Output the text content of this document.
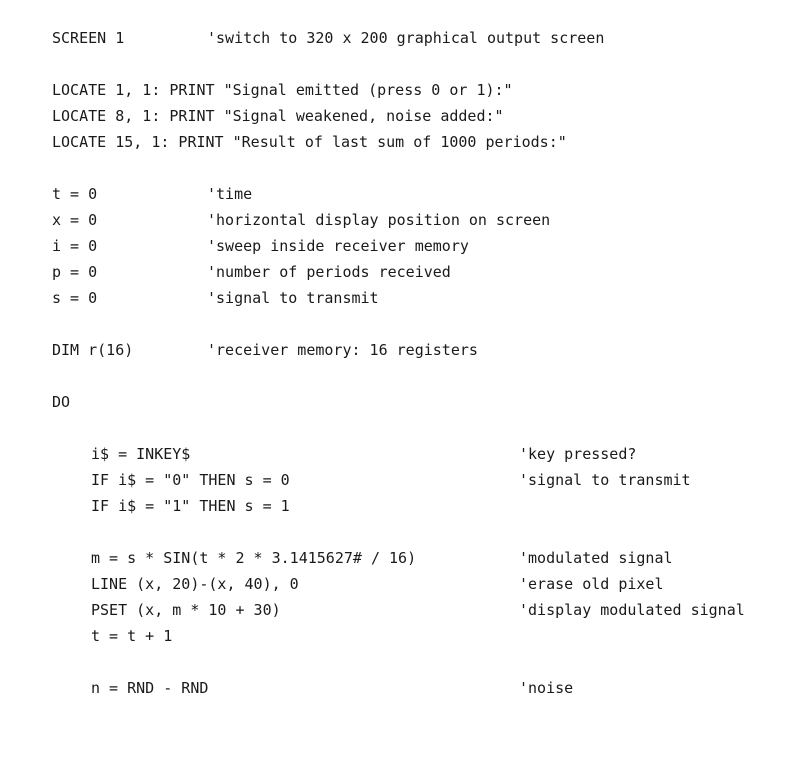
SCREEN 1

	'switch to 320 x 200 graphical output screen

LOCATE 1, 1: PRINT "Signal emitted (press 0 or 1):"

LOCATE 8, 1: PRINT "Signal weakened, noise added:"

LOCATE 15, 1: PRINT "Result of last sum of 1000 periods:"

t = 0

	'time

x = 0

	'horizontal display position on screen

i = 0

	'sweep inside receiver memory

p = 0

	'number of periods received

s = 0

	'signal to transmit

DIM r(16)

	'receiver memory: 16 registers

DO

i$ = INKEY$

	'key pressed?

IF i$ = "0" THEN s = 0

	'signal to transmit

IF i$ = "1" THEN s = 1

m = s * SIN(t * 2 * 3.1415627# / 16)

	'modulated signal

LINE (x, 20)-(x, 40), 0

	'erase old pixel

PSET (x, m * 10 + 30)

	'display modulated signal

t = t + 1

n = RND - RND

	'noise
